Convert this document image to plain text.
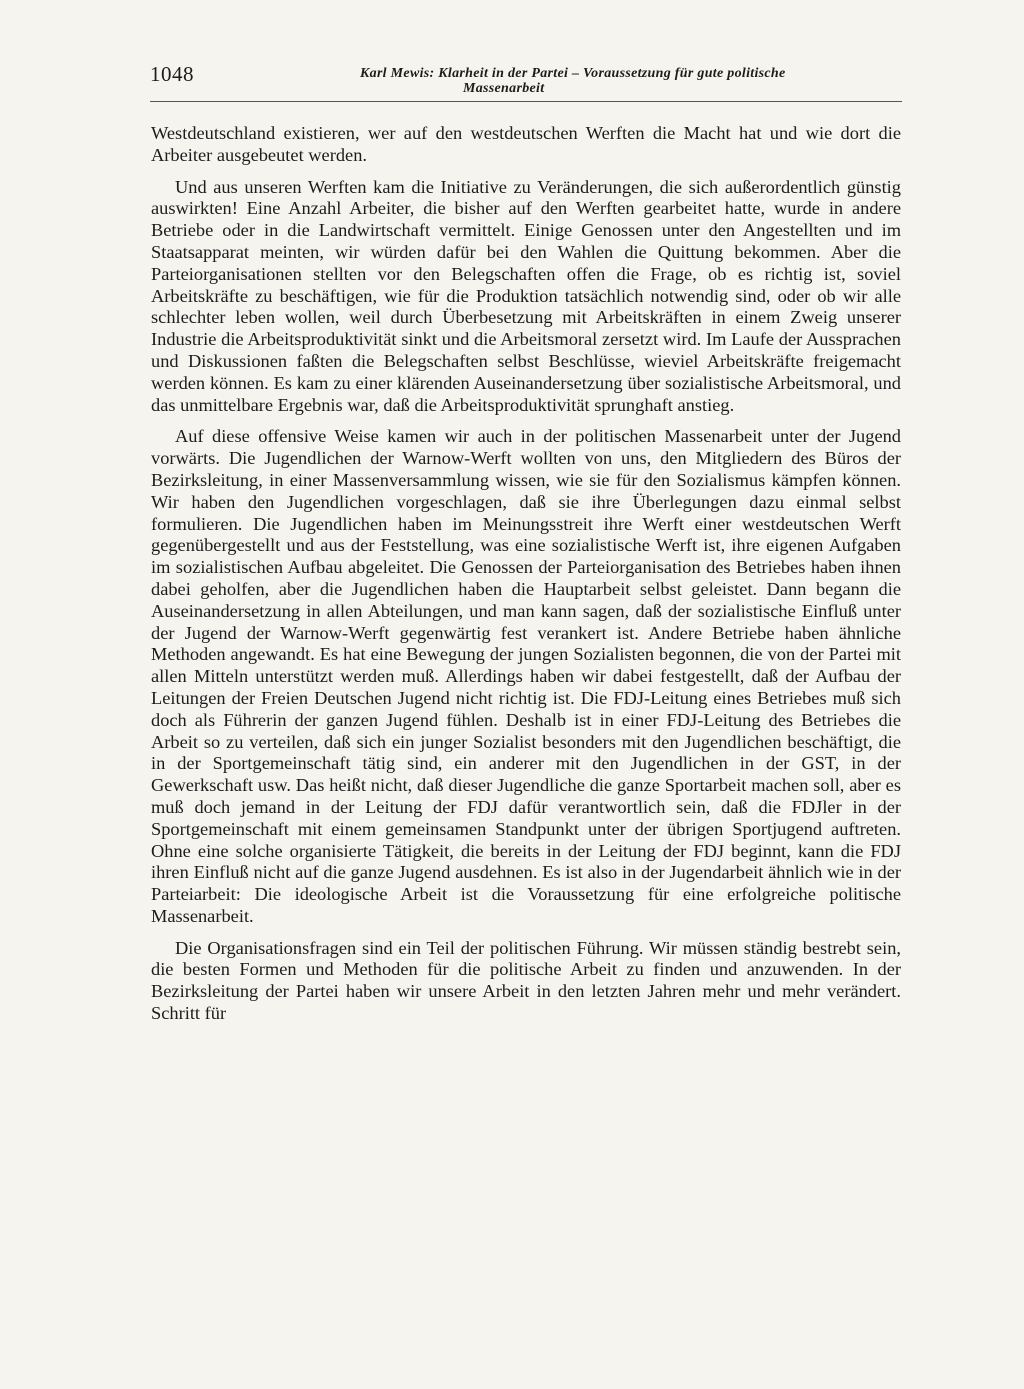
1048	Karl Mewis: Klarheit in der Partei – Voraussetzung für gute politische
Massenarbeit

Westdeutschland existieren, wer auf den westdeutschen Werften die Macht hat und wie dort die Arbeiter ausgebeutet werden.

Und aus unseren Werften kam die Initiative zu Veränderungen, die sich außerordentlich günstig auswirkten! Eine Anzahl Arbeiter, die bisher auf den Werften gearbeitet hatte, wurde in andere Betriebe oder in die Landwirtschaft vermittelt. Einige Genossen unter den Angestellten und im Staatsapparat meinten, wir würden dafür bei den Wahlen die Quittung bekommen. Aber die Parteiorganisationen stellten vor den Belegschaften offen die Frage, ob es richtig ist, soviel Arbeitskräfte zu beschäftigen, wie für die Produktion tatsächlich notwendig sind, oder ob wir alle schlechter leben wollen, weil durch Überbesetzung mit Arbeitskräften in einem Zweig unserer Industrie die Arbeitsproduktivität sinkt und die Arbeitsmoral zersetzt wird. Im Laufe der Aussprachen und Diskussionen faßten die Belegschaften selbst Beschlüsse, wieviel Arbeitskräfte freigemacht werden können. Es kam zu einer klärenden Auseinandersetzung über sozialistische Arbeitsmoral, und das unmittelbare Ergebnis war, daß die Arbeitsproduktivität sprunghaft anstieg.

Auf diese offensive Weise kamen wir auch in der politischen Massenarbeit unter der Jugend vorwärts. Die Jugendlichen der Warnow-Werft wollten von uns, den Mitgliedern des Büros der Bezirksleitung, in einer Massenversammlung wissen, wie sie für den Sozialismus kämpfen können. Wir haben den Jugendlichen vorgeschlagen, daß sie ihre Überlegungen dazu einmal selbst formulieren. Die Jugendlichen haben im Meinungsstreit ihre Werft einer westdeutschen Werft gegenübergestellt und aus der Feststellung, was eine sozialistische Werft ist, ihre eigenen Aufgaben im sozialistischen Aufbau abgeleitet. Die Genossen der Parteiorganisation des Betriebes haben ihnen dabei geholfen, aber die Jugendlichen haben die Hauptarbeit selbst geleistet. Dann begann die Auseinandersetzung in allen Abteilungen, und man kann sagen, daß der sozialistische Einfluß unter der Jugend der Warnow-Werft gegenwärtig fest verankert ist. Andere Betriebe haben ähnliche Methoden angewandt. Es hat eine Bewegung der jungen Sozialisten begonnen, die von der Partei mit allen Mitteln unterstützt werden muß. Allerdings haben wir dabei festgestellt, daß der Aufbau der Leitungen der Freien Deutschen Jugend nicht richtig ist. Die FDJ-Leitung eines Betriebes muß sich doch als Führerin der ganzen Jugend fühlen. Deshalb ist in einer FDJ-Leitung des Betriebes die Arbeit so zu verteilen, daß sich ein junger Sozialist besonders mit den Jugendlichen beschäftigt, die in der Sportgemeinschaft tätig sind, ein anderer mit den Jugendlichen in der GST, in der Gewerkschaft usw. Das heißt nicht, daß dieser Jugendliche die ganze Sportarbeit machen soll, aber es muß doch jemand in der Leitung der FDJ dafür verantwortlich sein, daß die FDJler in der Sportgemeinschaft mit einem gemeinsamen Standpunkt unter der übrigen Sportjugend auftreten. Ohne eine solche organisierte Tätigkeit, die bereits in der Leitung der FDJ beginnt, kann die FDJ ihren Einfluß nicht auf die ganze Jugend ausdehnen. Es ist also in der Jugendarbeit ähnlich wie in der Parteiarbeit: Die ideologische Arbeit ist die Voraussetzung für eine erfolgreiche politische Massenarbeit.

Die Organisationsfragen sind ein Teil der politischen Führung. Wir müssen ständig bestrebt sein, die besten Formen und Methoden für die politische Arbeit zu finden und anzuwenden. In der Bezirksleitung der Partei haben wir unsere Arbeit in den letzten Jahren mehr und mehr verändert. Schritt für
